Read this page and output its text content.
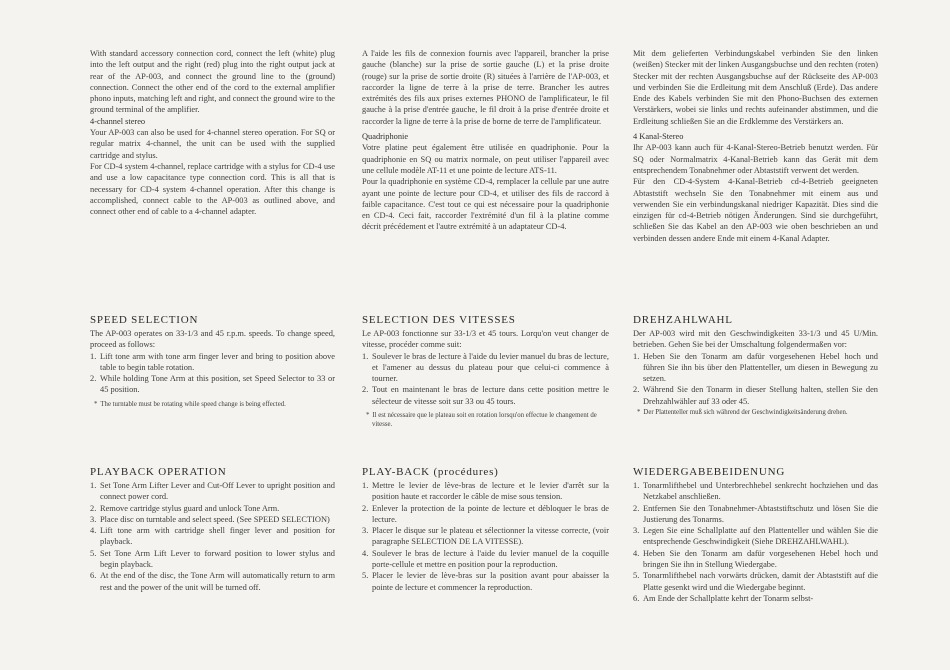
With standard accessory connection cord, connect the left (white) plug into the left output and the right (red) plug into the right output jack at rear of the AP-003, and connect the ground line to the (ground) connection. Connect the other end of the cord to the external amplifier phono inputs, matching left and right, and connect the ground wire to the ground terminal of the amplifier.

4-channel stereo

Your AP-003 can also be used for 4-channel stereo operation. For SQ or regular matrix 4-channel, the unit can be used with the supplied cartridge and stylus.

For CD-4 system 4-channel, replace cartridge with a stylus for CD-4 use and use a low capacitance type connection cord. This is all that is necessary for CD-4 system 4-channel operation. After this change is accomplished, connect cable to the AP-003 as outlined above, and connect other end of cable to a 4-channel adapter.

SPEED SELECTION

The AP-003 operates on 33-1/3 and 45 r.p.m. speeds. To change speed, proceed as follows:

1. Lift tone arm with tone arm finger lever and bring to position above table to begin table rotation.
2. While holding Tone Arm at this position, set Speed Selector to 33 or 45 position.
* The turntable must be rotating while speed change is being effected.
PLAYBACK OPERATION
1. Set Tone Arm Lifter Lever and Cut-Off Lever to upright position and connect power cord.
2. Remove cartridge stylus guard and unlock Tone Arm.
3. Place disc on turntable and select speed. (See SPEED SELECTION)
4. Lift tone arm with cartridge shell finger lever and position for playback.
5. Set Tone Arm Lift Lever to forward position to lower stylus and begin playback.
6. At the end of the disc, the Tone Arm will automatically return to arm rest and the power of the unit will be turned off.

A l'aide les fils de connexion fournis avec l'appareil, brancher la prise gauche (blanche) sur la prise de sortie gauche (L) et la prise droite (rouge) sur la prise de sortie droite (R) situées à l'arrière de l'AP-003, et raccorder la ligne de terre à la prise de terre. Brancher les autres extrémités des fils aux prises externes PHONO de l'amplificateur, le fil gauche à la prise d'entrée gauche, le fil droit à la prise d'entrée droite et raccorder la ligne de terre à la prise de borne de terre de l'amplificateur.

Quadriphonie

Votre platine peut également être utilisée en quadriphonie. Pour la quadriphonie en SQ ou matrix normale, on peut utiliser l'appareil avec une cellule modèle AT-11 et une pointe de lecture ATS-11.

Pour la quadriphonie en système CD-4, remplacer la cellule par une autre ayant une pointe de lecture pour CD-4, et utiliser des fils de raccord à faible capacitance. C'est tout ce qui est nécessaire pour la quadriphonie en CD-4. Ceci fait, raccorder l'extrémité d'un fil à la platine comme décrit précédement et l'autre extrémité à un adaptateur CD-4.

SELECTION DES VITESSES

Le AP-003 fonctionne sur 33-1/3 et 45 tours. Lorqu'on veut changer de vitesse, procéder comme suit:

1. Soulever le bras de lecture à l'aide du levier manuel du bras de lecture, et l'amener au dessus du plateau pour que celui-ci commence à tourner.
2. Tout en maintenant le bras de lecture dans cette position mettre le sélecteur de vitesse soit sur 33 ou 45 tours.
* Il est nécessaire que le plateau soit en rotation lorsqu'on effectue le changement de vitesse.
PLAY-BACK (procédures)
1. Mettre le levier de lève-bras de lecture et le levier d'arrêt sur la position haute et raccorder le câble de mise sous tension.
2. Enlever la protection de la pointe de lecture et débloquer le bras de lecture.
3. Placer le disque sur le plateau et sélectionner la vitesse correcte, (voir paragraphe SELECTION DE LA VITESSE).
4. Soulever le bras de lecture à l'aide du levier manuel de la coquille porte-cellule et mettre en position pour la reproduction.
5. Placer le levier de lève-bras sur la position avant pour abaisser la pointe de lecture et commencer la reproduction.

Mit dem gelieferten Verbindungskabel verbinden Sie den linken (weißen) Stecker mit der linken Ausgangsbuchse und den rechten (roten) Stecker mit der rechten Ausgangsbuchse auf der Rückseite des AP-003 und verbinden Sie die Erdleitung mit dem Anschluß (Erde). Das andere Ende des Kabels verbinden Sie mit den Phono-Buchsen des externen Verstärkers, wobei sie links und rechts aufeinander abstimmen, und die Erdleitung schließen Sie an die Erdklemme des Verstärkers an.

4 Kanal-Stereo

Ihr AP-003 kann auch für 4-Kanal-Stereo-Betrieb benutzt werden. Für SQ oder Normalmatrix 4-Kanal-Betrieb kann das Gerät mit dem entsprechendem Tonabnehmer oder Abtaststift verwent det werden.

Für den CD-4-System 4-Kanal-Betrieb cd-4-Betrieb geeigneten Abtaststift wechseln Sie den Tonabnehmer mit einem aus und verwenden Sie ein verbindungskanal niedriger Kapazität. Dies sind die einzigen für cd-4-Betrieb nötigen Änderungen. Sind sie durchgeführt, schließen Sie das Kabel an den AP-003 wie oben beschrieben an und verbinden dessen andere Ende mit einem 4-Kanal Adapter.

DREHZAHLWAHL

Der AP-003 wird mit den Geschwindigkeiten 33-1/3 und 45 U/Min. betrieben. Gehen Sie bei der Umschaltung folgendermaßen vor:

1. Heben Sie den Tonarm am dafür vorgesehenen Hebel hoch und führen Sie ihn bis über den Plattenteller, um diesen in Bewegung zu setzen.
2. Während Sie den Tonarm in dieser Stellung halten, stellen Sie den Drehzahlwähler auf 33 oder 45.
* Der Plattenteller muß sich während der Geschwindigkeitsänderung drehen.
WIEDERGABEBEIDENUNG
1. Tonarmlifthebel und Unterbrechhebel senkrecht hochziehen und das Netzkabel anschließen.
2. Entfernen Sie den Tonabnehmer-Abtaststiftschutz und lösen Sie die Justierung des Tonarms.
3. Legen Sie eine Schallplatte auf den Plattenteller und wählen Sie die entsprechende Geschwindigkeit (Siehe DREHZAHLWAHL).
4. Heben Sie den Tonarm am dafür vorgesehenen Hebel hoch und bringen Sie ihn in Stellung Wiedergabe.
5. Tonarmlifthebel nach vorwärts drücken, damit der Abtaststift auf die Platte gesenkt wird und die Wiedergabe beginnt.
6. Am Ende der Schallplatte kehrt der Tonarm selbst-
